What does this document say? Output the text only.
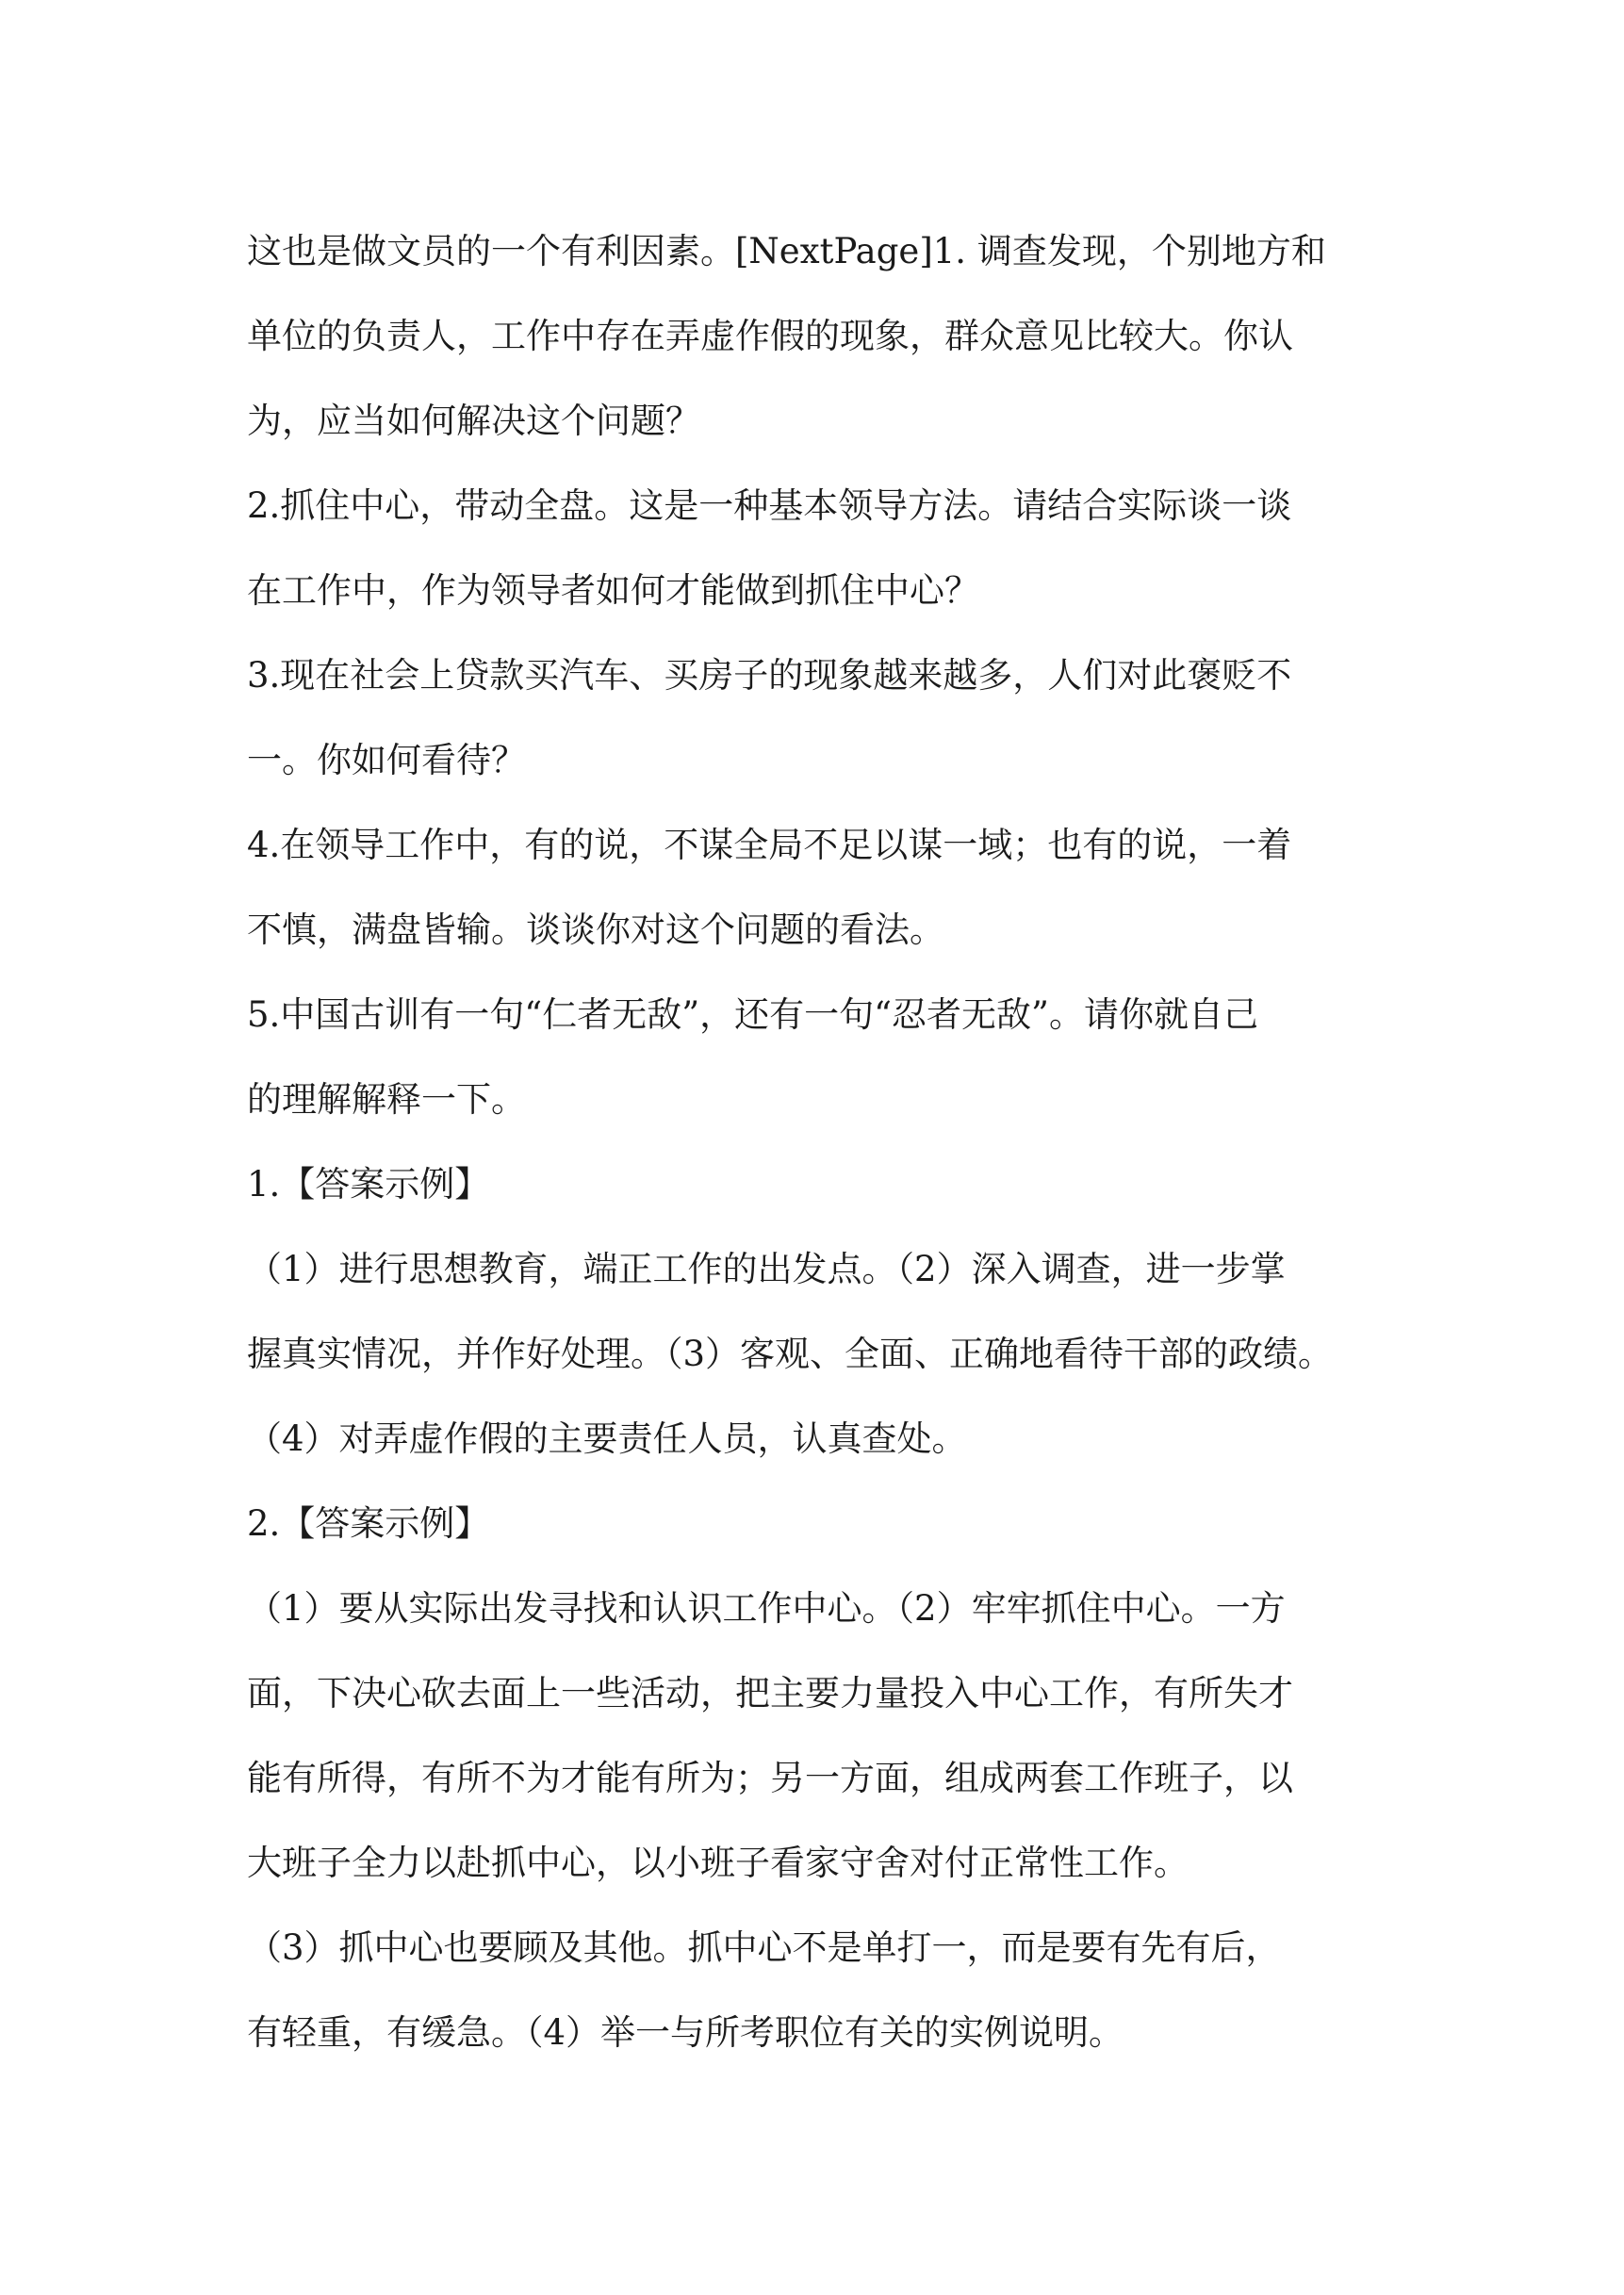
这也是做文员的一个有利因素。[NextPage]1. 调查发现，个别地方和
单位的负责人，工作中存在弄虚作假的现象，群众意见比较大。你认
为，应当如何解决这个问题？
2.抓住中心，带动全盘。这是一种基本领导方法。请结合实际谈一谈
在工作中，作为领导者如何才能做到抓住中心？
3.现在社会上贷款买汽车、买房子的现象越来越多，人们对此褒贬不
一。你如何看待？
4.在领导工作中，有的说，不谋全局不足以谋一域；也有的说，一着
不慎，满盘皆输。谈谈你对这个问题的看法。
5.中国古训有一句“仁者无敌”，还有一句“忍者无敌”。请你就自己
的理解解释一下。
1.【答案示例】
（1）进行思想教育，端正工作的出发点。（2）深入调查，进一步掌
握真实情况，并作好处理。（3）客观、全面、正确地看待干部的政绩。
（4）对弄虚作假的主要责任人员，认真查处。
2.【答案示例】
（1）要从实际出发寻找和认识工作中心。（2）牢牢抓住中心。一方
面，下决心砍去面上一些活动，把主要力量投入中心工作，有所失才
能有所得，有所不为才能有所为；另一方面，组成两套工作班子，以
大班子全力以赴抓中心，以小班子看家守舍对付正常性工作。
（3）抓中心也要顾及其他。抓中心不是单打一，而是要有先有后，
有轻重，有缓急。（4）举一与所考职位有关的实例说明。
